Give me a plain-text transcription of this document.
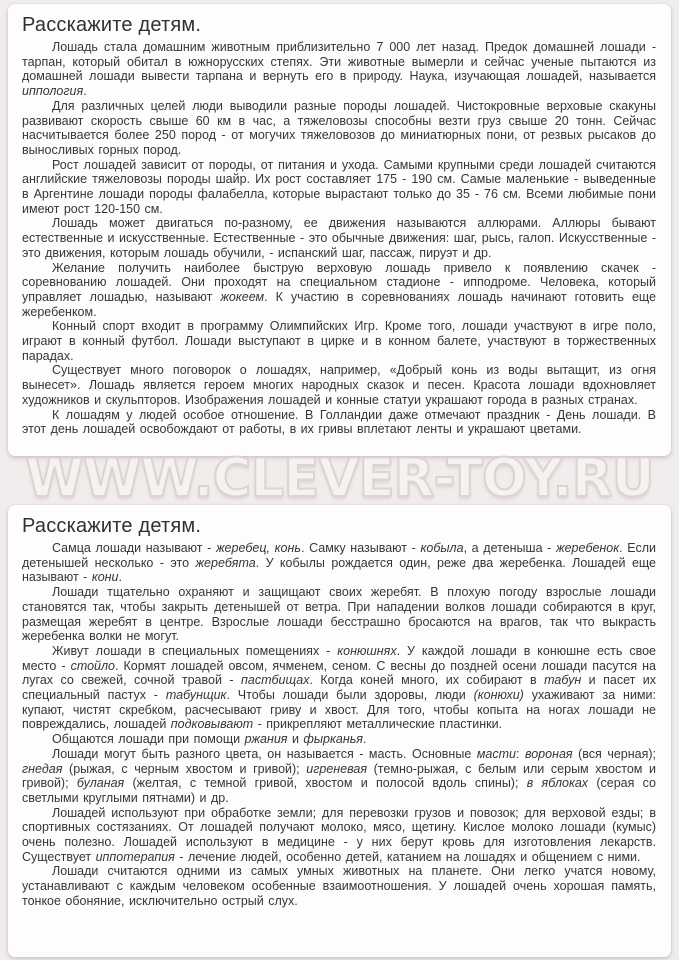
Расскажите детям.

Лошадь стала домашним животным приблизительно 7 000 лет назад. Предок домашней лошади - тарпан, который обитал в южнорусских степях. Эти животные вымерли и сейчас ученые пытаются из домашней лошади вывести тарпана и вернуть его в природу. Наука, изучающая лошадей, называется иппология.

Для различных целей люди выводили разные породы лошадей. Чистокровные верховые скакуны развивают скорость свыше 60 км в час, а тяжеловозы способны везти груз свыше 20 тонн. Сейчас насчитывается более 250 пород - от могучих тяжеловозов до миниатюрных пони, от резвых рысаков до выносливых горных пород.

Рост лошадей зависит от породы, от питания и ухода. Самыми крупными среди лошадей считаются английские тяжеловозы породы шайр. Их рост составляет 175 - 190 см. Самые маленькие - выведенные в Аргентине лошади породы фалабелла, которые вырастают только до 35 - 76 см. Всеми любимые пони имеют рост 120-150 см.

Лошадь может двигаться по-разному, ее движения называются аллюрами. Аллюры бывают естественные и искусственные. Естественные - это обычные движения: шаг, рысь, галоп. Искусственные - это движения, которым лошадь обучили, - испанский шаг, пассаж, пируэт и др.

Желание получить наиболее быструю верховую лошадь привело к появлению скачек - соревнованию лошадей. Они проходят на специальном стадионе - ипподроме. Человека, который управляет лошадью, называют жокеем. К участию в соревнованиях лошадь начинают готовить еще жеребенком.

Конный спорт входит в программу Олимпийских Игр. Кроме того, лошади участвуют в игре поло, играют в конный футбол. Лошади выступают в цирке и в конном балете, участвуют в торжественных парадах.

Существует много поговорок о лошадях, например, «Добрый конь из воды вытащит, из огня вынесет». Лошадь является героем многих народных сказок и песен. Красота лошади вдохновляет художников и скульпторов. Изображения лошадей и конные статуи украшают города в разных странах.

К лошадям у людей особое отношение. В Голландии даже отмечают праздник - День лошади. В этот день лошадей освобождают от работы, в их гривы вплетают ленты и украшают цветами.

Расскажите детям.

Самца лошади называют - жеребец, конь. Самку называют - кобыла, а детеныша - жеребенок. Если детенышей несколько - это жеребята. У кобылы рождается один, реже два жеребенка. Лошадей еще называют - кони.

Лошади тщательно охраняют и защищают своих жеребят. В плохую погоду взрослые лошади становятся так, чтобы закрыть детенышей от ветра. При нападении волков лошади собираются в круг, размещая жеребят в центре. Взрослые лошади бесстрашно бросаются на врагов, так что выкрасть жеребенка волки не могут.

Живут лошади в специальных помещениях - конюшнях. У каждой лошади в конюшне есть свое место - стойло. Кормят лошадей овсом, ячменем, сеном. С весны до поздней осени лошади пасутся на лугах со свежей, сочной травой - пастбищах. Когда коней много, их собирают в табун и пасет их специальный пастух - табунщик. Чтобы лошади были здоровы, люди (конюхи) ухаживают за ними: купают, чистят скребком, расчесывают гриву и хвост. Для того, чтобы копыта на ногах лошади не повреждались, лошадей подковывают - прикрепляют металлические пластинки.

Общаются лошади при помощи ржания и фырканья.

Лошади могут быть разного цвета, он называется - масть. Основные масти: вороная (вся черная); гнедая (рыжая, с черным хвостом и гривой); игреневая (темно-рыжая, с белым или серым хвостом и гривой); буланая (желтая, с темной гривой, хвостом и полосой вдоль спины); в яблоках (серая со светлыми круглыми пятнами) и др.

Лошадей используют при обработке земли; для перевозки грузов и повозок; для верховой езды; в спортивных состязаниях. От лошадей получают молоко, мясо, щетину. Кислое молоко лошади (кумыс) очень полезно. Лошадей используют в медицине - у них берут кровь для изготовления лекарств. Существует иппотерапия - лечение людей, особенно детей, катанием на лошадях и общением с ними.

Лошади считаются одними из самых умных животных на планете. Они легко учатся новому, устанавливают с каждым человеком особенные взаимоотношения. У лошадей очень хорошая память, тонкое обоняние, исключительно острый слух.

WWW.CLEVER-TOY.RU
